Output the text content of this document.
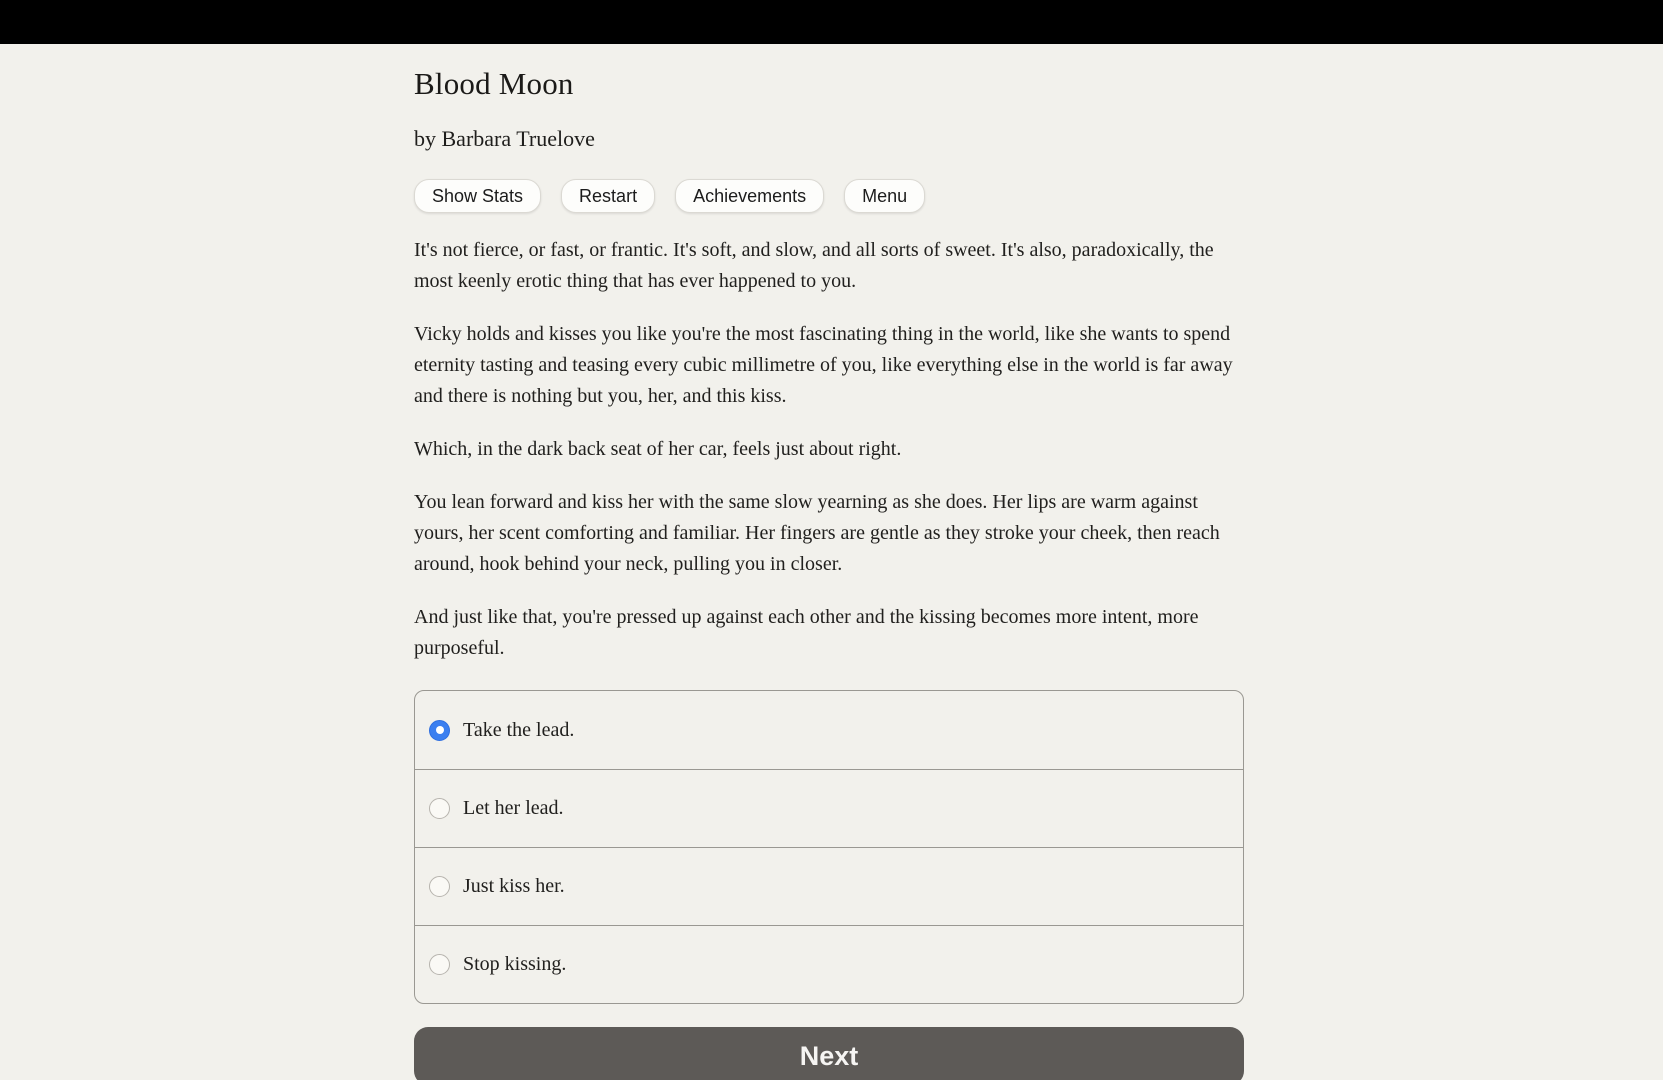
Blood Moon

by Barbara Truelove

Show Stats	Restart	Achievements	Menu

It's not fierce, or fast, or frantic. It's soft, and slow, and all sorts of sweet. It's also, paradoxically, the most keenly erotic thing that has ever happened to you.

Vicky holds and kisses you like you're the most fascinating thing in the world, like she wants to spend eternity tasting and teasing every cubic millimetre of you, like everything else in the world is far away and there is nothing but you, her, and this kiss.

Which, in the dark back seat of her car, feels just about right.

You lean forward and kiss her with the same slow yearning as she does. Her lips are warm against yours, her scent comforting and familiar. Her fingers are gentle as they stroke your cheek, then reach around, hook behind your neck, pulling you in closer.

And just like that, you're pressed up against each other and the kissing becomes more intent, more purposeful.

Take the lead.
Let her lead.
Just kiss her.
Stop kissing.
Next
